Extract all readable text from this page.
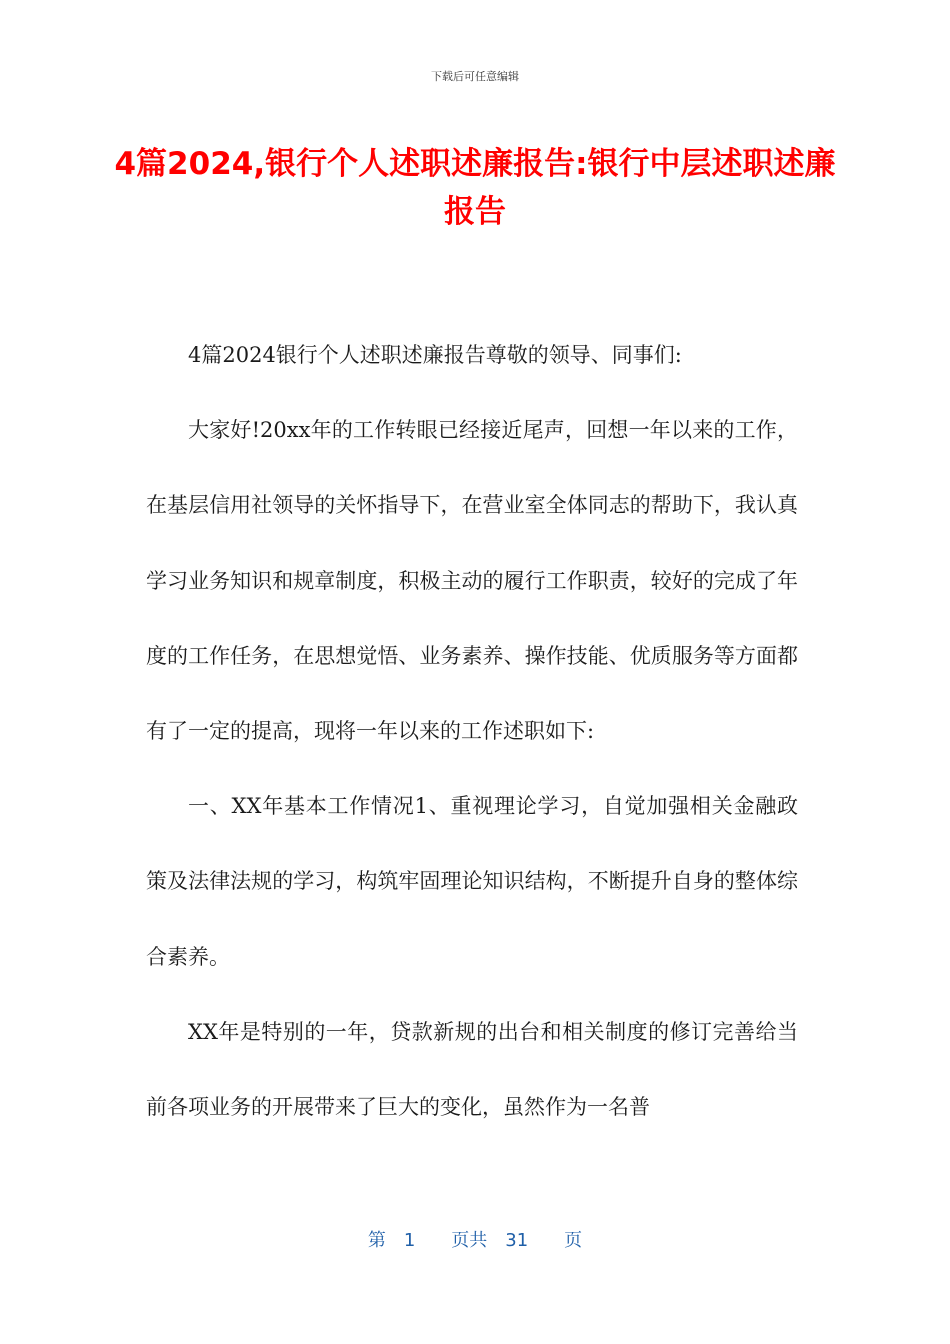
下载后可任意编辑
4篇2024,银行个人述职述廉报告:银行中层述职述廉报告

4篇2024银行个人述职述廉报告尊敬的领导、同事们:

大家好!20xx年的工作转眼已经接近尾声，回想一年以来的工作，在基层信用社领导的关怀指导下，在营业室全体同志的帮助下，我认真学习业务知识和规章制度，积极主动的履行工作职责，较好的完成了年度的工作任务，在思想觉悟、业务素养、操作技能、优质服务等方面都有了一定的提高，现将一年以来的工作述职如下:

一、XX年基本工作情况1、重视理论学习，自觉加强相关金融政策及法律法规的学习，构筑牢固理论知识结构，不断提升自身的整体综合素养。

XX年是特别的一年，贷款新规的出台和相关制度的修订完善给当前各项业务的开展带来了巨大的变化，虽然作为一名普

第 1 页共 31 页
